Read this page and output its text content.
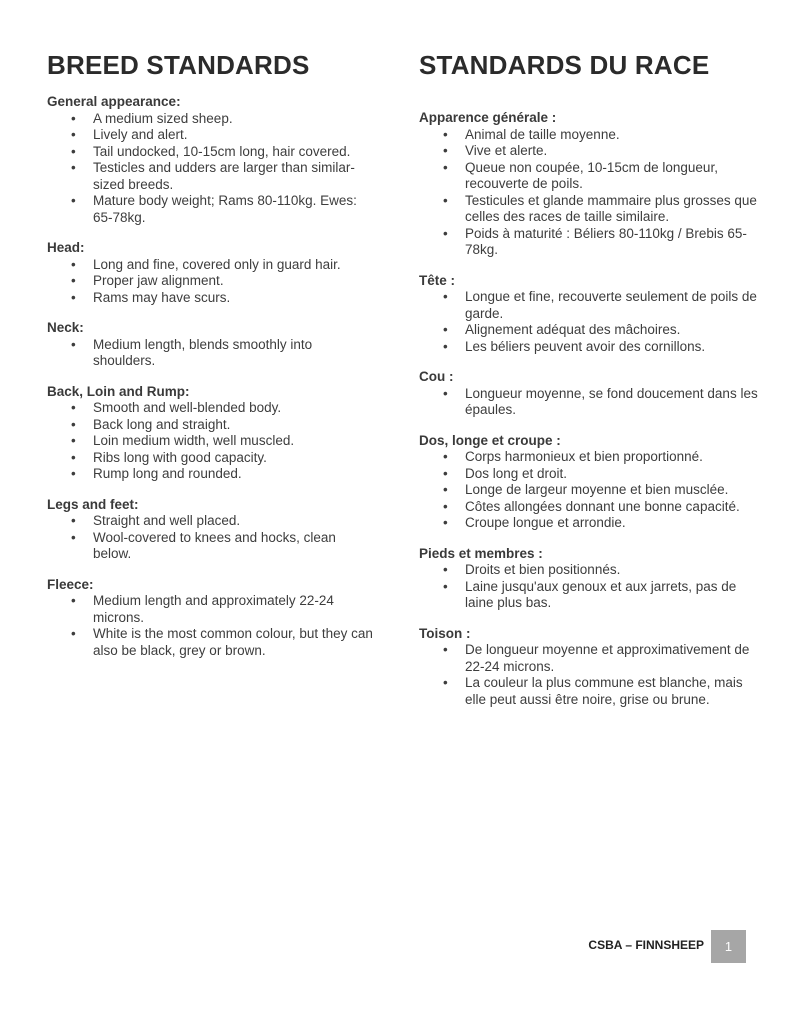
BREED STANDARDS
General appearance:
• A medium sized sheep.
• Lively and alert.
• Tail undocked, 10-15cm long, hair covered.
• Testicles and udders are larger than similar-sized breeds.
• Mature body weight; Rams 80-110kg. Ewes: 65-78kg.
Head:
• Long and fine, covered only in guard hair.
• Proper jaw alignment.
• Rams may have scurs.
Neck:
• Medium length, blends smoothly into shoulders.
Back, Loin and Rump:
• Smooth and well-blended body.
• Back long and straight.
• Loin medium width, well muscled.
• Ribs long with good capacity.
• Rump long and rounded.
Legs and feet:
• Straight and well placed.
• Wool-covered to knees and hocks, clean below.
Fleece:
• Medium length and approximately 22-24 microns.
• White is the most common colour, but they can also be black, grey or brown.
STANDARDS DU RACE
Apparence générale :
• Animal de taille moyenne.
• Vive et alerte.
• Queue non coupée, 10-15cm de longueur, recouverte de poils.
• Testicules et glande mammaire plus grosses que celles des races de taille similaire.
• Poids à maturité : Béliers 80-110kg / Brebis 65-78kg.
Tête :
• Longue et fine, recouverte seulement de poils de garde.
• Alignement adéquat des mâchoires.
• Les béliers peuvent avoir des cornillons.
Cou :
• Longueur moyenne, se fond doucement dans les épaules.
Dos, longe et croupe :
• Corps harmonieux et bien proportionné.
• Dos long et droit.
• Longe de largeur moyenne et bien musclée.
• Côtes allongées donnant une bonne capacité.
• Croupe longue et arrondie.
Pieds et membres :
• Droits et bien positionnés.
• Laine jusqu'aux genoux et aux jarrets, pas de laine plus bas.
Toison :
• De longueur moyenne et approximativement de 22-24 microns.
• La couleur la plus commune est blanche, mais elle peut aussi être noire, grise ou brune.
CSBA – FINNSHEEP	1
